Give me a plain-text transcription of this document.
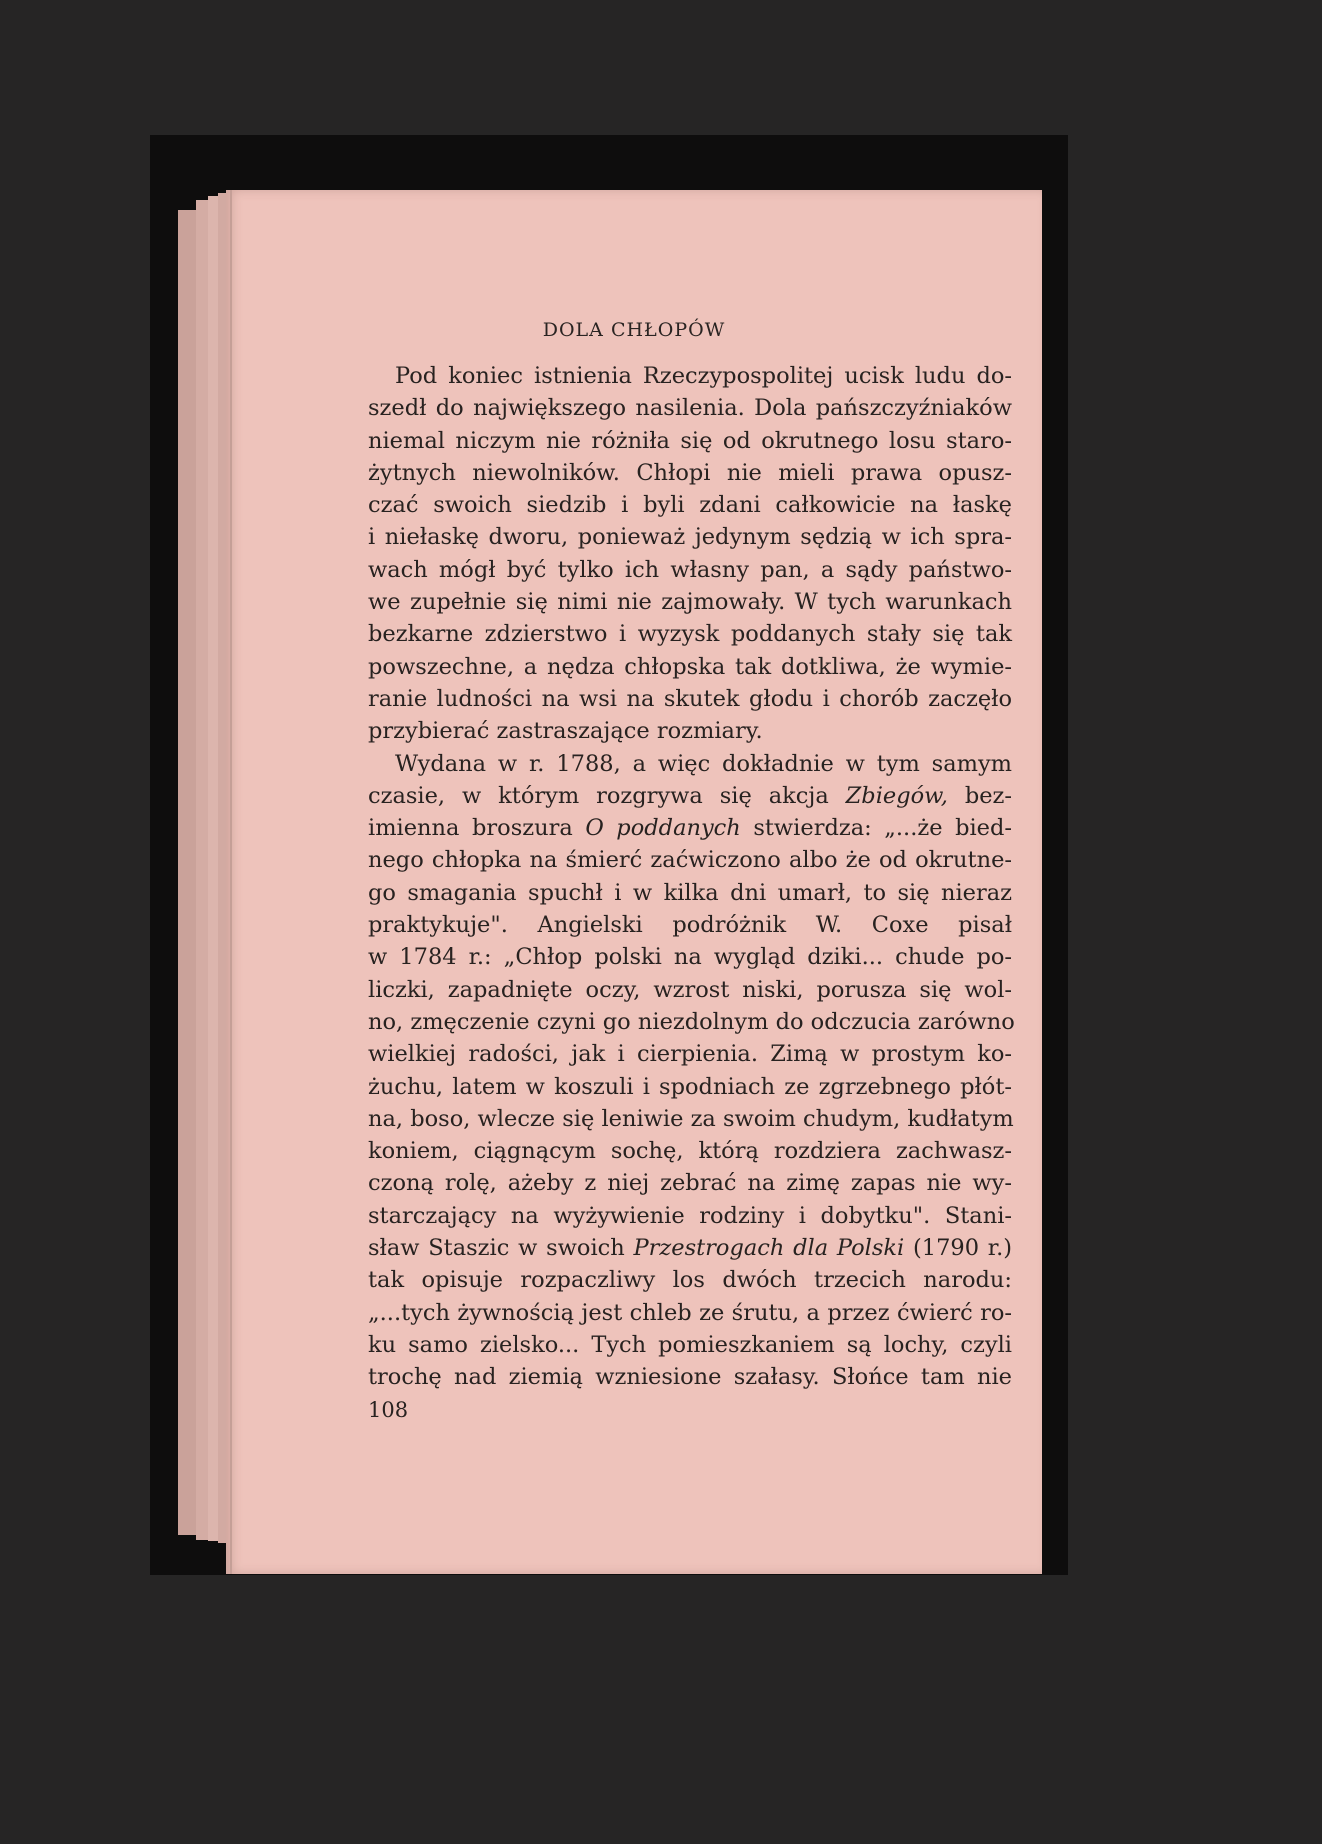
DOLA CHŁOPÓW
Pod koniec istnienia Rzeczypospolitej ucisk ludu do-
szedł do największego nasilenia. Dola pańszczyźniaków
niemal niczym nie różniła się od okrutnego losu staro-
żytnych niewolników. Chłopi nie mieli prawa opusz-
czać swoich siedzib i byli zdani całkowicie na łaskę
i niełaskę dworu, ponieważ jedynym sędzią w ich spra-
wach mógł być tylko ich własny pan, a sądy państwo-
we zupełnie się nimi nie zajmowały. W tych warunkach
bezkarne zdzierstwo i wyzysk poddanych stały się tak
powszechne, a nędza chłopska tak dotkliwa, że wymie-
ranie ludności na wsi na skutek głodu i chorób zaczęło
przybierać zastraszające rozmiary.
Wydana w r. 1788, a więc dokładnie w tym samym
czasie, w którym rozgrywa się akcja Zbiegów, bez-
imienna broszura O poddanych stwierdza: „...że bied-
nego chłopka na śmierć zaćwiczono albo że od okrutne-
go smagania spuchł i w kilka dni umarł, to się nieraz
praktykuje". Angielski podróżnik W. Coxe pisał
w 1784 r.: „Chłop polski na wygląd dziki... chude po-
liczki, zapadnięte oczy, wzrost niski, porusza się wol-
no, zmęczenie czyni go niezdolnym do odczucia zarówno
wielkiej radości, jak i cierpienia. Zimą w prostym ko-
żuchu, latem w koszuli i spodniach ze zgrzebnego płót-
na, boso, wlecze się leniwie za swoim chudym, kudłatym
koniem, ciągnącym sochę, którą rozdziera zachwasz-
czoną rolę, ażeby z niej zebrać na zimę zapas nie wy-
starczający na wyżywienie rodziny i dobytku". Stani-
sław Staszic w swoich Przestrogach dla Polski (1790 r.)
tak opisuje rozpaczliwy los dwóch trzecich narodu:
„...tych żywnością jest chleb ze śrutu, a przez ćwierć ro-
ku samo zielsko... Tych pomieszkaniem są lochy, czyli
trochę nad ziemią wzniesione szałasy. Słońce tam nie
108
